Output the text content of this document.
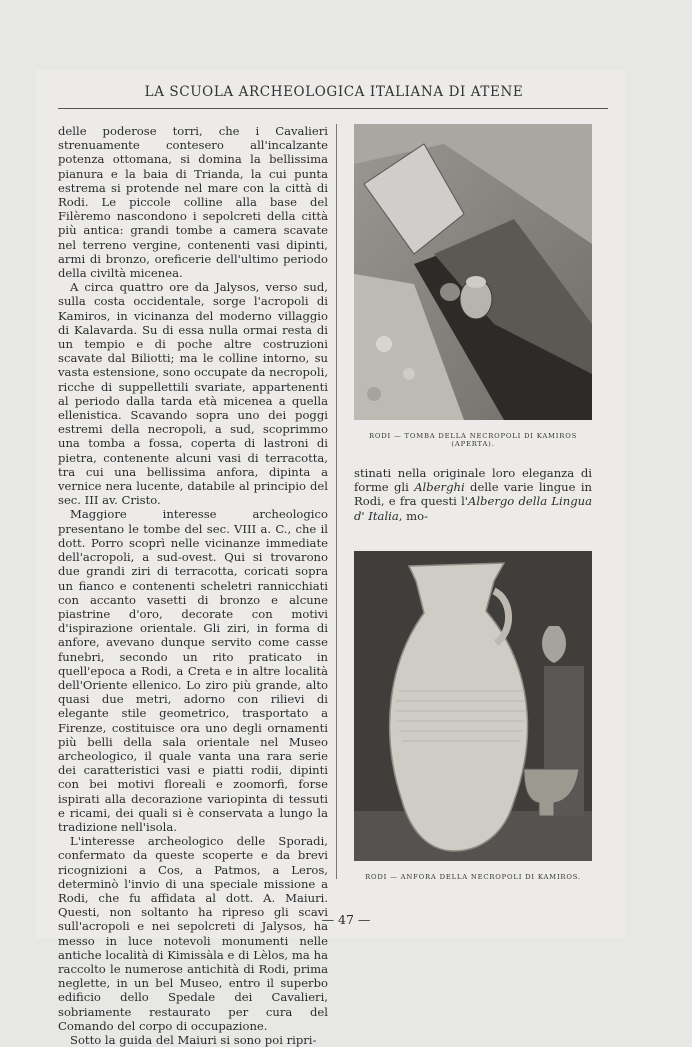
LA SCUOLA ARCHEOLOGICA ITALIANA DI ATENE

delle poderose torri, che i Cavalieri strenuamente contesero all'incalzante potenza ottomana, si domina la bellissima pianura e la baia di Trianda, la cui punta estrema si protende nel mare con la città di Rodi. Le piccole colline alla base del Filèremo nascondono i sepolcreti della città più antica: grandi tombe a camera scavate nel terreno vergine, contenenti vasi dipinti, armi di bronzo, oreficerie dell'ultimo periodo della civiltà micenea.

A circa quattro ore da Jalysos, verso sud, sulla costa occidentale, sorge l'acropoli di Kamiros, in vicinanza del moderno villaggio di Kalavarda. Su di essa nulla ormai resta di un tempio e di poche altre costruzioni scavate dal Biliotti; ma le colline intorno, su vasta estensione, sono occupate da necropoli, ricche di suppellettili svariate, appartenenti al periodo dalla tarda età micenea a quella ellenistica. Scavando sopra uno dei poggi estremi della necropoli, a sud, scoprimmo una tomba a fossa, coperta di lastroni di pietra, contenente alcuni vasi di terracotta, tra cui una bellissima anfora, dipinta a vernice nera lucente, databile al principio del sec. III av. Cristo.

Maggiore interesse archeologico presentano le tombe del sec. VIII a. C., che il dott. Porro scoprì nelle vicinanze immediate dell'acropoli, a sud-ovest. Qui si trovarono due grandi ziri di terracotta, coricati sopra un fianco e contenenti scheletri rannicchiati con accanto vasetti di bronzo e alcune piastrine d'oro, decorate con motivi d'ispirazione orientale. Gli ziri, in forma di anfore, avevano dunque servito come casse funebri, secondo un rito praticato in quell'epoca a Rodi, a Creta e in altre località dell'Oriente ellenico. Lo ziro più grande, alto quasi due metri, adorno con rilievi di elegante stile geometrico, trasportato a Firenze, costituisce ora uno degli ornamenti più belli della sala orientale nel Museo archeologico, il quale vanta una rara serie dei caratteristici vasi e piatti rodii, dipinti con bei motivi floreali e zoomorfi, forse ispirati alla decorazione variopinta di tessuti e ricami, dei quali si è conservata a lungo la tradizione nell'isola.

L'interesse archeologico delle Sporadi, confermato da queste scoperte e da brevi ricognizioni a Cos, a Patmos, a Leros, determinò l'invio di una speciale missione a Rodi, che fu affidata al dott. A. Maiuri. Questi, non soltanto ha ripreso gli scavi sull'acropoli e nei sepolcreti di Jalysos, ha messo in luce notevoli monumenti nelle antiche località di Kimissàla e di Lèlos, ma ha raccolto le numerose antichità di Rodi, prima neglette, in un bel Museo, entro il superbo edificio dello Spedale dei Cavalieri, sobriamente restaurato per cura del Comando del corpo di occupazione.

Sotto la guida del Maiuri si sono poi ripri-

RODI — TOMBA DELLA NECROPOLI DI KAMIROS (APERTA).
stinati nella originale loro eleganza di forme gli Alberghi delle varie lingue in Rodi, e fra questi l'Albergo della Lingua d' Italia, mo-
RODI — ANFORA DELLA NECROPOLI DI KAMIROS.
— 47 —
